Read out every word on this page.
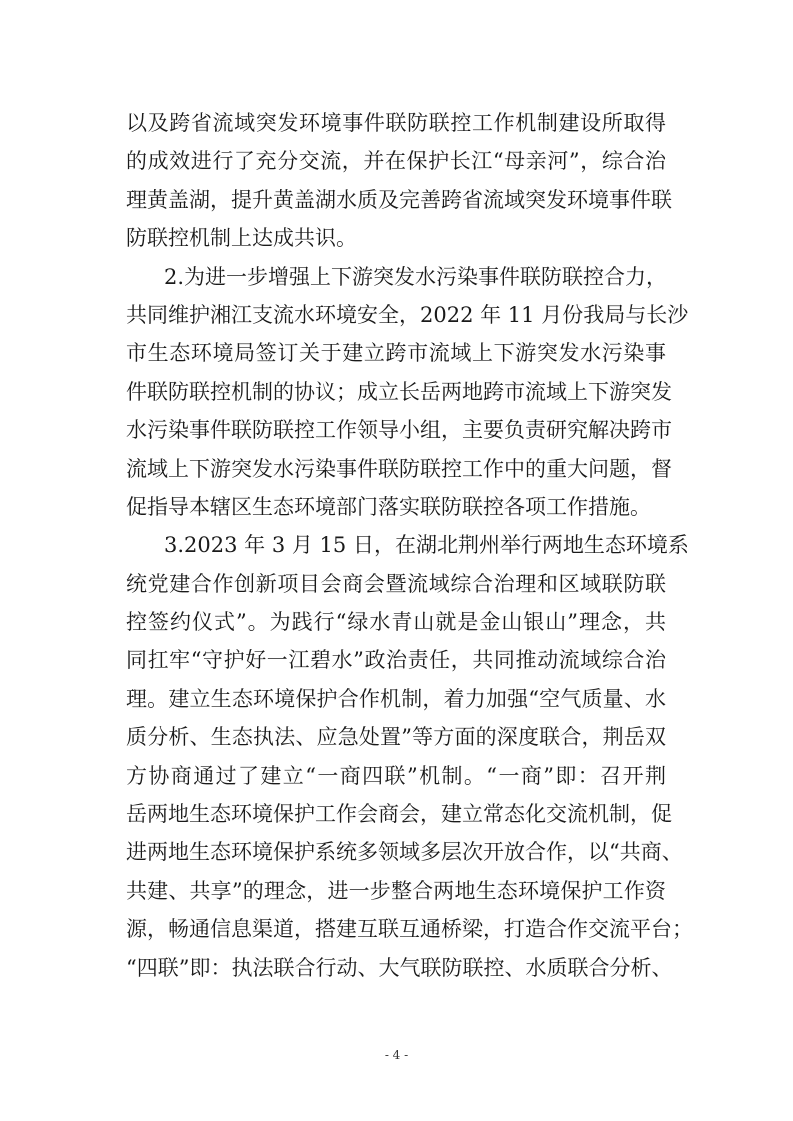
以及跨省流域突发环境事件联防联控工作机制建设所取得
的成效进行了充分交流，并在保护长江“母亲河”，综合治
理黄盖湖，提升黄盖湖水质及完善跨省流域突发环境事件联
防联控机制上达成共识。
2.为进一步增强上下游突发水污染事件联防联控合力，
共同维护湘江支流水环境安全，2022 年 11 月份我局与长沙
市生态环境局签订关于建立跨市流域上下游突发水污染事
件联防联控机制的协议；成立长岳两地跨市流域上下游突发
水污染事件联防联控工作领导小组，主要负责研究解决跨市
流域上下游突发水污染事件联防联控工作中的重大问题，督
促指导本辖区生态环境部门落实联防联控各项工作措施。
3.2023 年 3 月 15 日，在湖北荆州举行两地生态环境系
统党建合作创新项目会商会暨流域综合治理和区域联防联
控签约仪式”。为践行“绿水青山就是金山银山”理念，共
同扛牢“守护好一江碧水”政治责任，共同推动流域综合治
理。建立生态环境保护合作机制，着力加强“空气质量、水
质分析、生态执法、应急处置”等方面的深度联合，荆岳双
方协商通过了建立“一商四联”机制。“一商”即：召开荆
岳两地生态环境保护工作会商会，建立常态化交流机制，促
进两地生态环境保护系统多领域多层次开放合作，以“共商、
共建、共享”的理念，进一步整合两地生态环境保护工作资
源，畅通信息渠道，搭建互联互通桥梁，打造合作交流平台；
“四联”即：执法联合行动、大气联防联控、水质联合分析、
- 4 -
